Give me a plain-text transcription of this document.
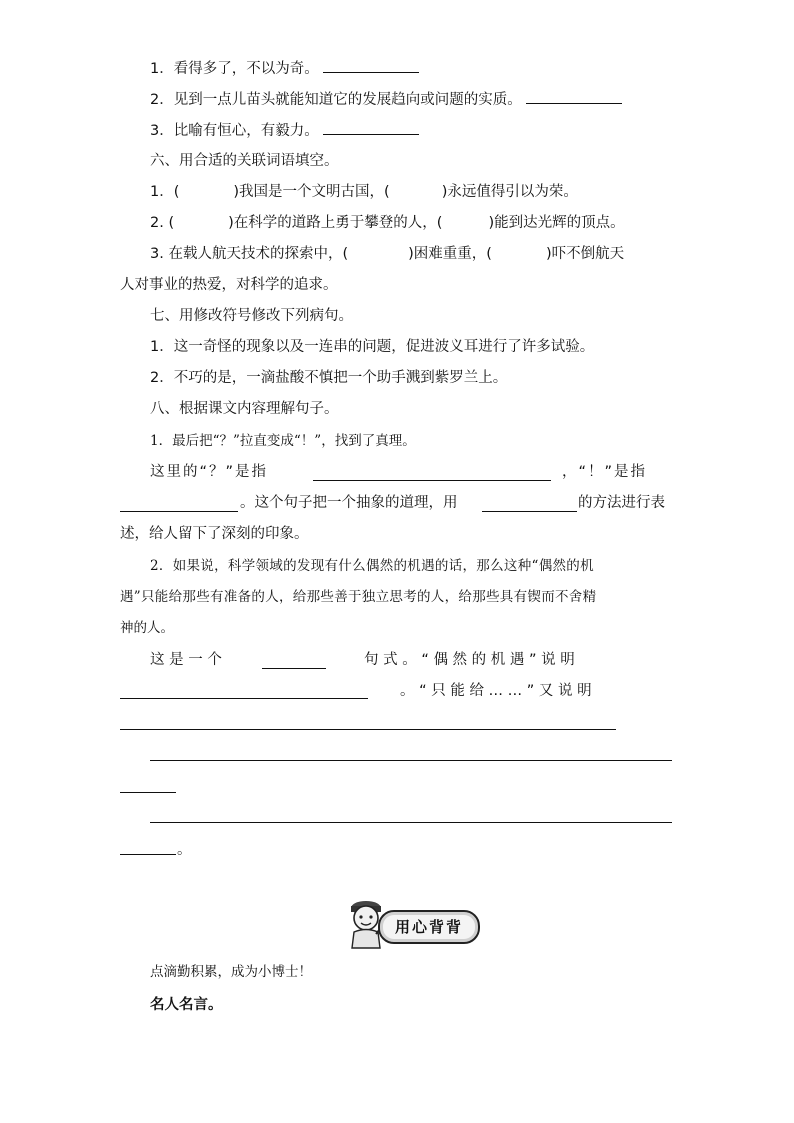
1．看得多了，不以为奇。
2．见到一点儿苗头就能知道它的发展趋向或问题的实质。
3．比喻有恒心，有毅力。
六、用合适的关联词语填空。
1．(	)我国是一个文明古国，(	)永远值得引以为荣。
2. (	)在科学的道路上勇于攀登的人，(	)能到达光辉的顶点。
3. 在载人航天技术的探索中，(	)困难重重，(	)吓不倒航天
人对事业的热爱，对科学的追求。
七、用修改符号修改下列病句。
1．这一奇怪的现象以及一连串的问题，促进波义耳进行了许多试验。
2．不巧的是，一滴盐酸不慎把一个助手溅到紫罗兰上。
八、根据课文内容理解句子。
1．最后把“？”拉直变成“！”，找到了真理。
这里的“？”是指	，“！”是指
。这个句子把一个抽象的道理，用	的方法进行表
述，给人留下了深刻的印象。
2．如果说，科学领域的发现有什么偶然的机遇的话，那么这种“偶然的机
遇”只能给那些有准备的人，给那些善于独立思考的人，给那些具有锲而不舍精
神的人。
这 是 一 个	句 式 。 “ 偶 然 的 机 遇 ” 说 明
。 “ 只 能 给 … … ” 又 说 明
。
用心背背
点滴勤积累，成为小博士！
名人名言。
